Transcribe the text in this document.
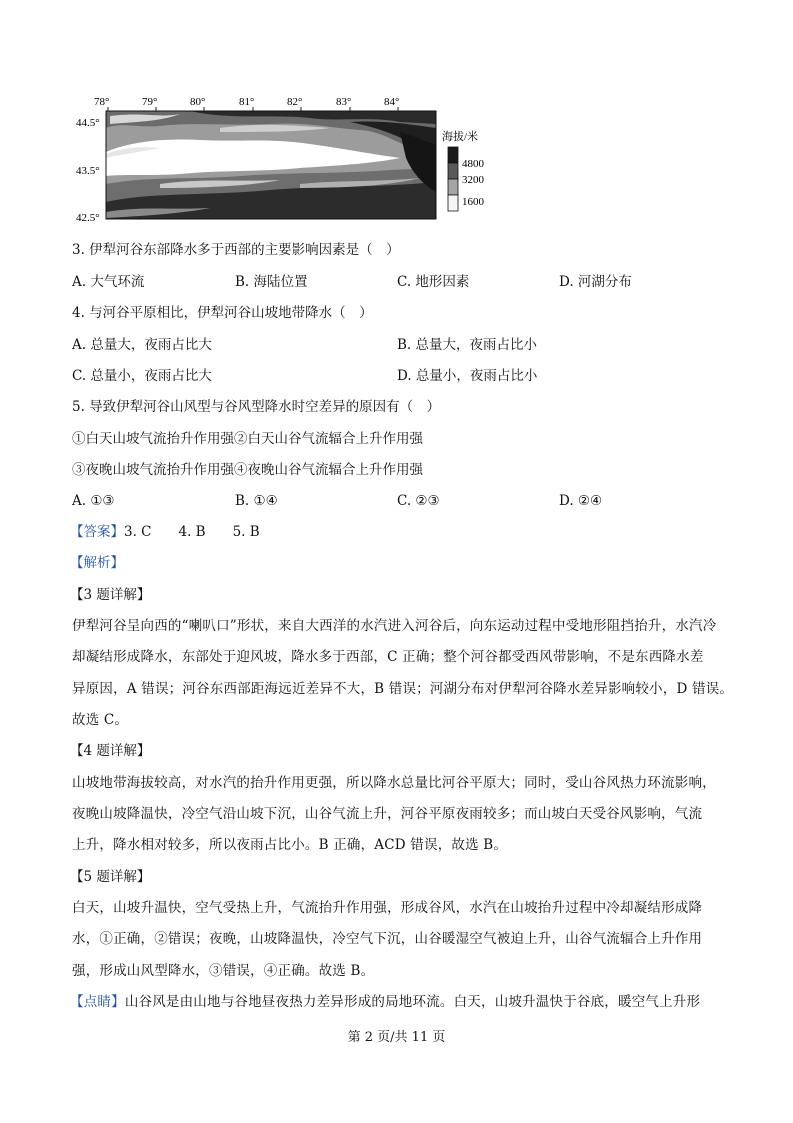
78°	79°	80°	81°	82°	83°	84°
44.5°
43.5°
42.5°
海拔/米
4800
3200
1600
3. 伊犁河谷东部降水多于西部的主要影响因素是（　）
A. 大气环流	B. 海陆位置	C. 地形因素	D. 河湖分布
4. 与河谷平原相比，伊犁河谷山坡地带降水（　）
A. 总量大，夜雨占比大	B. 总量大，夜雨占比小
C. 总量小，夜雨占比大	D. 总量小，夜雨占比小
5. 导致伊犁河谷山风型与谷风型降水时空差异的原因有（　）
①白天山坡气流抬升作用强②白天山谷气流辐合上升作用强
③夜晚山坡气流抬升作用强④夜晚山谷气流辐合上升作用强
A. ①③	B. ①④	C. ②③	D. ②④
【答案】3. C　　4. B　　5. B
【解析】
【3 题详解】
伊犁河谷呈向西的“喇叭口”形状，来自大西洋的水汽进入河谷后，向东运动过程中受地形阻挡抬升，水汽冷
却凝结形成降水，东部处于迎风坡，降水多于西部，C 正确；整个河谷都受西风带影响，不是东西降水差
异原因，A 错误；河谷东西部距海远近差异不大，B 错误；河湖分布对伊犁河谷降水差异影响较小，D 错误。
故选 C。
【4 题详解】
山坡地带海拔较高，对水汽的抬升作用更强，所以降水总量比河谷平原大；同时，受山谷风热力环流影响，
夜晚山坡降温快，冷空气沿山坡下沉，山谷气流上升，河谷平原夜雨较多；而山坡白天受谷风影响，气流
上升，降水相对较多，所以夜雨占比小。B 正确，ACD 错误，故选 B。
【5 题详解】
白天，山坡升温快，空气受热上升，气流抬升作用强，形成谷风，水汽在山坡抬升过程中冷却凝结形成降
水，①正确，②错误；夜晚，山坡降温快，冷空气下沉，山谷暖湿空气被迫上升，山谷气流辐合上升作用
强，形成山风型降水，③错误，④正确。故选 B。
【点睛】山谷风是由山地与谷地昼夜热力差异形成的局地环流。白天，山坡升温快于谷底，暖空气上升形
第 2 页/共 11 页
